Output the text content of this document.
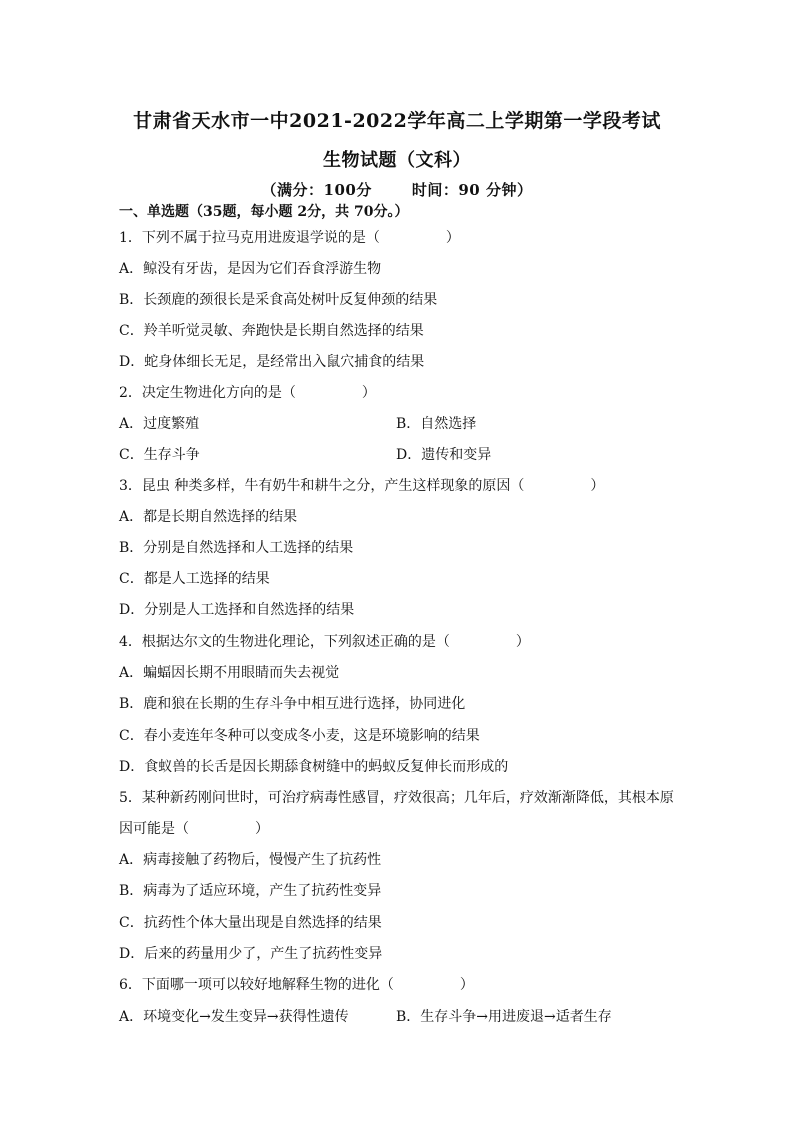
甘肃省天水市一中2021-2022学年高二上学期第一学段考试
生物试题（文科）
（满分：100分	时间：90 分钟）
一、单选题（35题，每小题 2分，共 70分。）
1．下列不属于拉马克用进废退学说的是（	）
A．鲸没有牙齿，是因为它们吞食浮游生物
B．长颈鹿的颈很长是采食高处树叶反复伸颈的结果
C．羚羊听觉灵敏、奔跑快是长期自然选择的结果
D．蛇身体细长无足，是经常出入鼠穴捕食的结果
2．决定生物进化方向的是（	）
A．过度繁殖	B．自然选择
C．生存斗争	D．遗传和变异
3．昆虫 种类多样，牛有奶牛和耕牛之分，产生这样现象的原因（	）
A．都是长期自然选择的结果
B．分别是自然选择和人工选择的结果
C．都是人工选择的结果
D．分别是人工选择和自然选择的结果
4．根据达尔文的生物进化理论，下列叙述正确的是（	）
A．蝙蝠因长期不用眼睛而失去视觉
B．鹿和狼在长期的生存斗争中相互进行选择，协同进化
C．春小麦连年冬种可以变成冬小麦，这是环境影响的结果
D．食蚁兽的长舌是因长期舔食树缝中的蚂蚁反复伸长而形成的
5．某种新药刚问世时，可治疗病毒性感冒，疗效很高；几年后，疗效渐渐降低，其根本原
因可能是（	）
A．病毒接触了药物后，慢慢产生了抗药性
B．病毒为了适应环境，产生了抗药性变异
C．抗药性个体大量出现是自然选择的结果
D．后来的药量用少了，产生了抗药性变异
6．下面哪一项可以较好地解释生物的进化（	）
A．环境变化→发生变异→获得性遗传	B．生存斗争→用进废退→适者生存
